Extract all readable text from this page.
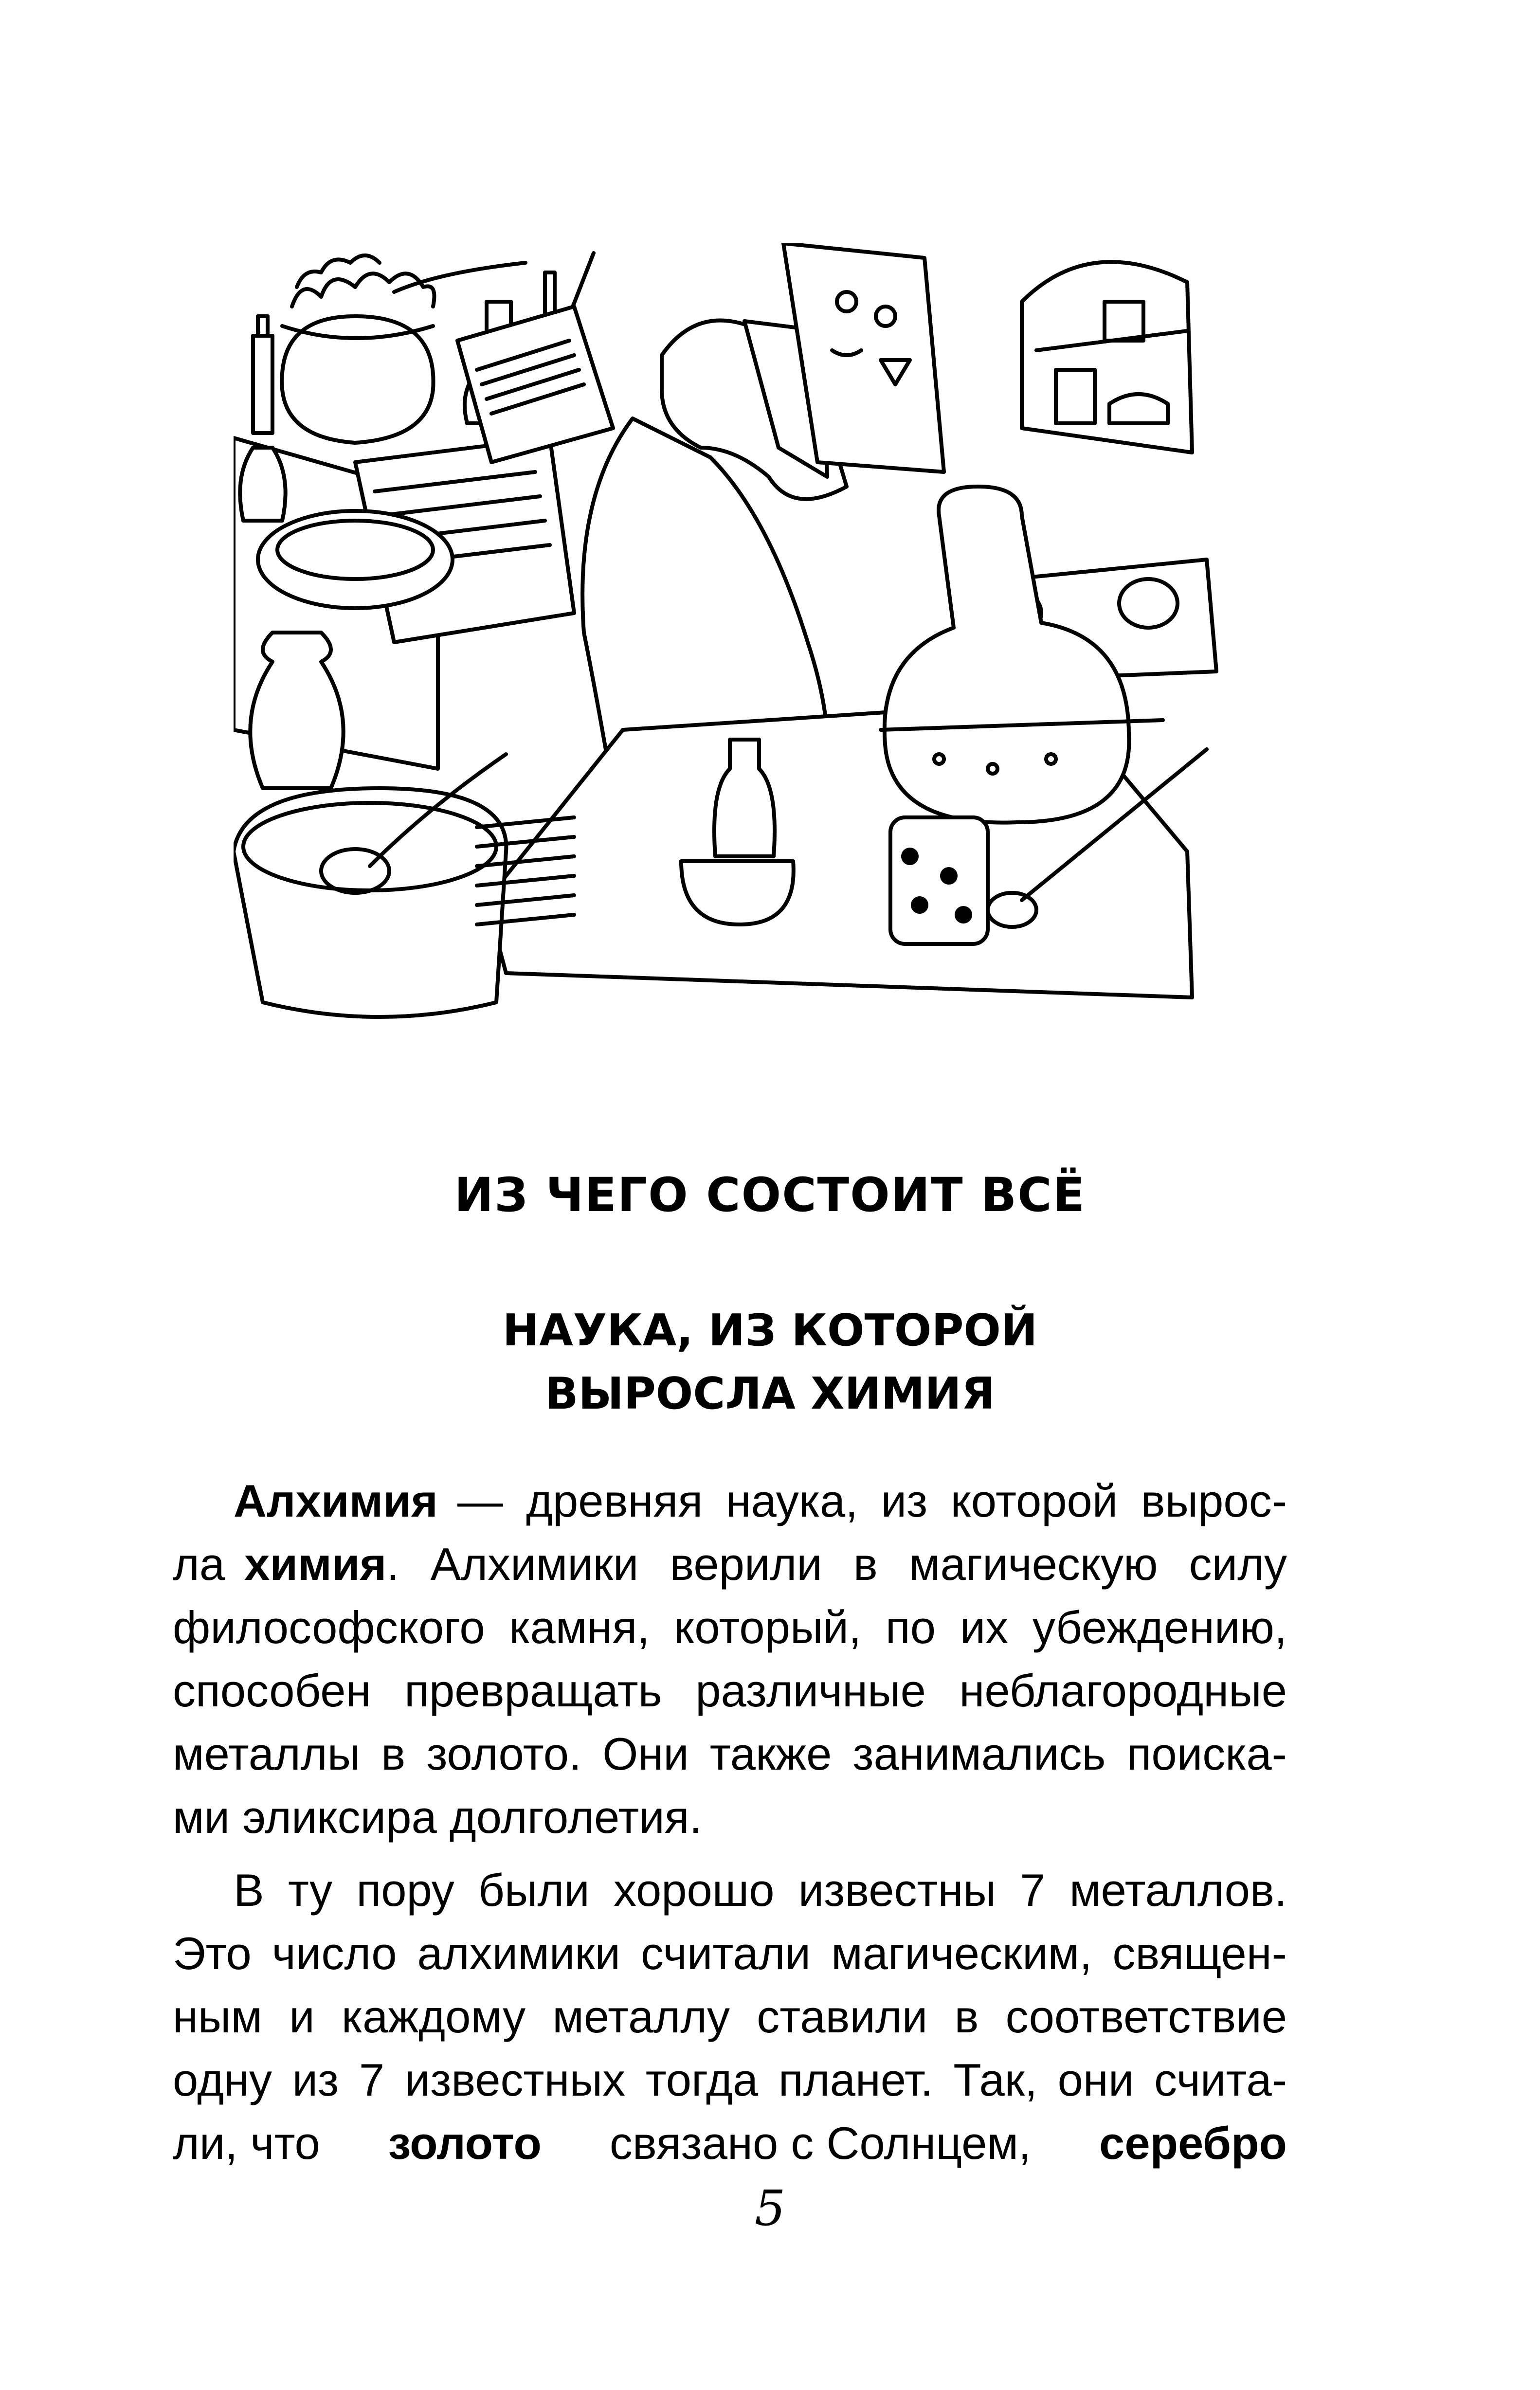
ИЗ ЧЕГО СОСТОИТ ВСЁ
НАУКА, ИЗ КОТОРОЙ
ВЫРОСЛА ХИМИЯ
Алхимия — древняя наука, из которой вырос-
ла химия . Алхимики верили в магическую силу
философского камня, который, по их убеждению,
способен превращать различные неблагородные
металлы в золото. Они также занимались поиска-
ми эликсира долголетия.
В ту пору были хорошо известны 7 металлов.
Это число алхимики считали магическим, священ-
ным и каждому металлу ставили в соответствие
одну из 7 известных тогда планет. Так, они счита-
ли, что золото связано с Солнцем, серебро
5
